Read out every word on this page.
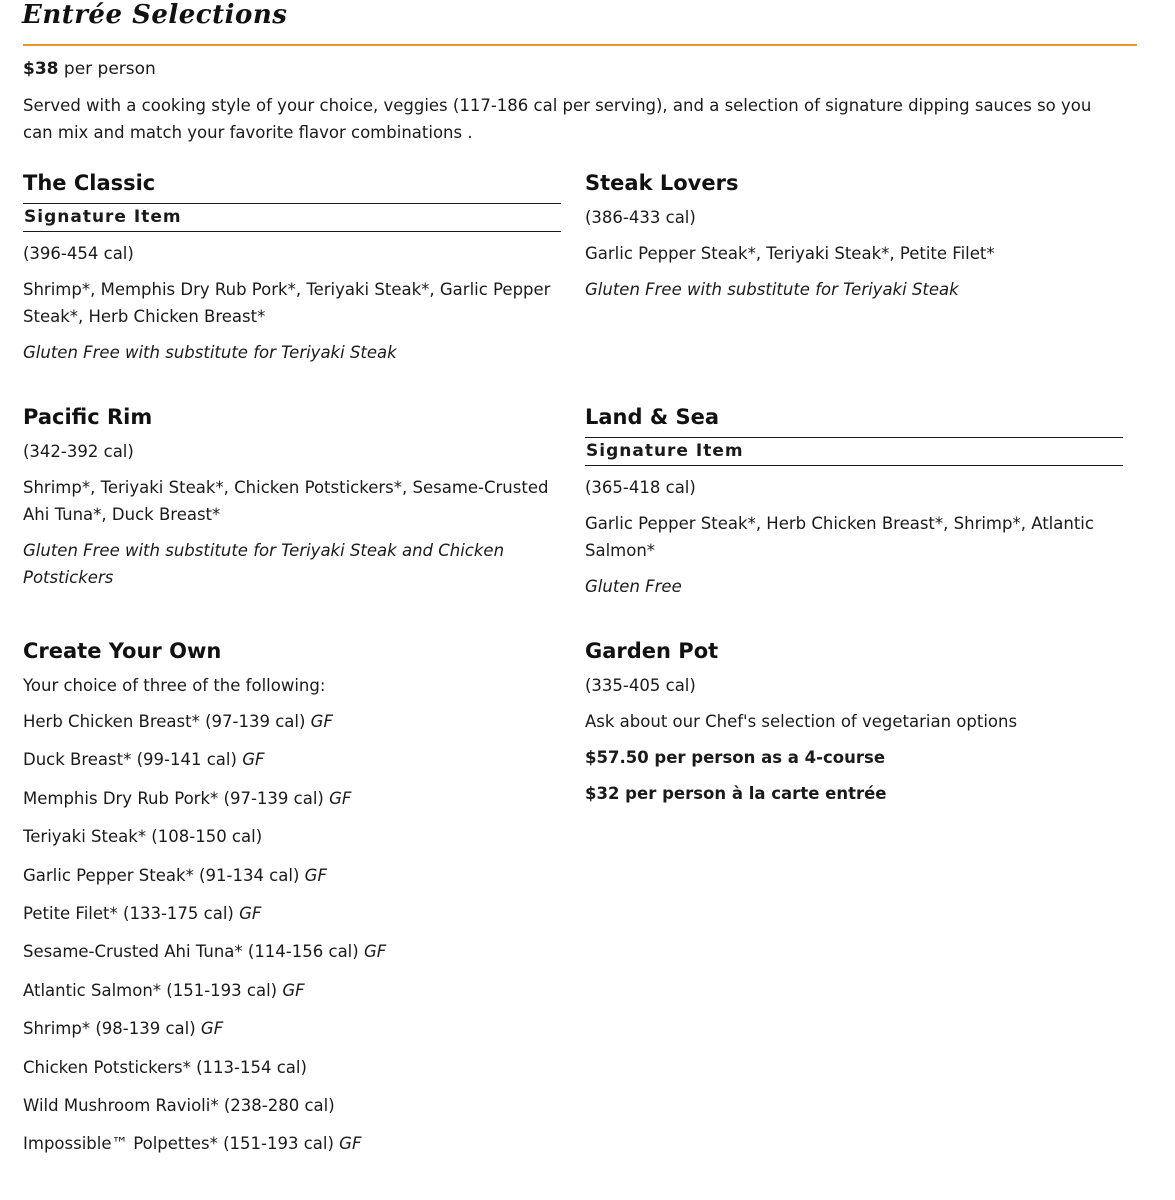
Entrée Selections
$38 per person
Served with a cooking style of your choice, veggies (117-186 cal per serving), and a selection of signature dipping sauces so you can mix and match your favorite flavor combinations .
The Classic
Signature Item

(396-454 cal)

Shrimp*, Memphis Dry Rub Pork*, Teriyaki Steak*, Garlic Pepper Steak*, Herb Chicken Breast*

Gluten Free with substitute for Teriyaki Steak

Steak Lovers

(386-433 cal)

Garlic Pepper Steak*, Teriyaki Steak*, Petite Filet*

Gluten Free with substitute for Teriyaki Steak

Pacific Rim

(342-392 cal)

Shrimp*, Teriyaki Steak*, Chicken Potstickers*, Sesame-Crusted Ahi Tuna*, Duck Breast*

Gluten Free with substitute for Teriyaki Steak and Chicken Potstickers

Land & Sea
Signature Item

(365-418 cal)

Garlic Pepper Steak*, Herb Chicken Breast*, Shrimp*, Atlantic Salmon*

Gluten Free

Create Your Own

Your choice of three of the following:

Herb Chicken Breast* (97-139 cal) GF
Duck Breast* (99-141 cal) GF
Memphis Dry Rub Pork* (97-139 cal) GF
Teriyaki Steak* (108-150 cal)
Garlic Pepper Steak* (91-134 cal) GF
Petite Filet* (133-175 cal) GF
Sesame-Crusted Ahi Tuna* (114-156 cal) GF
Atlantic Salmon* (151-193 cal) GF
Shrimp* (98-139 cal) GF
Chicken Potstickers* (113-154 cal)
Wild Mushroom Ravioli* (238-280 cal)
Impossible™ Polpettes* (151-193 cal) GF
Garden Pot

(335-405 cal)

Ask about our Chef's selection of vegetarian options

$57.50 per person as a 4-course

$32 per person à la carte entrée
